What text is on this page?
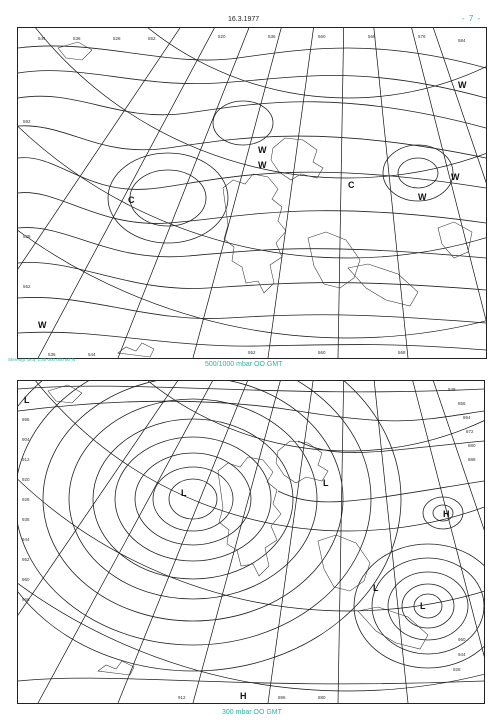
16.3.1977	- 7 -
C
W
W
C
W
W
W
W
544	536	528	552	520	536	560	568	576
584
592
528
552
536	544	552	560	568
Stereogr. proj. 1:30 000 000 60°N
500/1000 mbar OO GMT
L
L
L
H
L
L
H
848
856
864
872
880
888
896
904
912
920
928
936
944
952
960
968
960
944
928
912	896	880
300 mbar OO GMT
